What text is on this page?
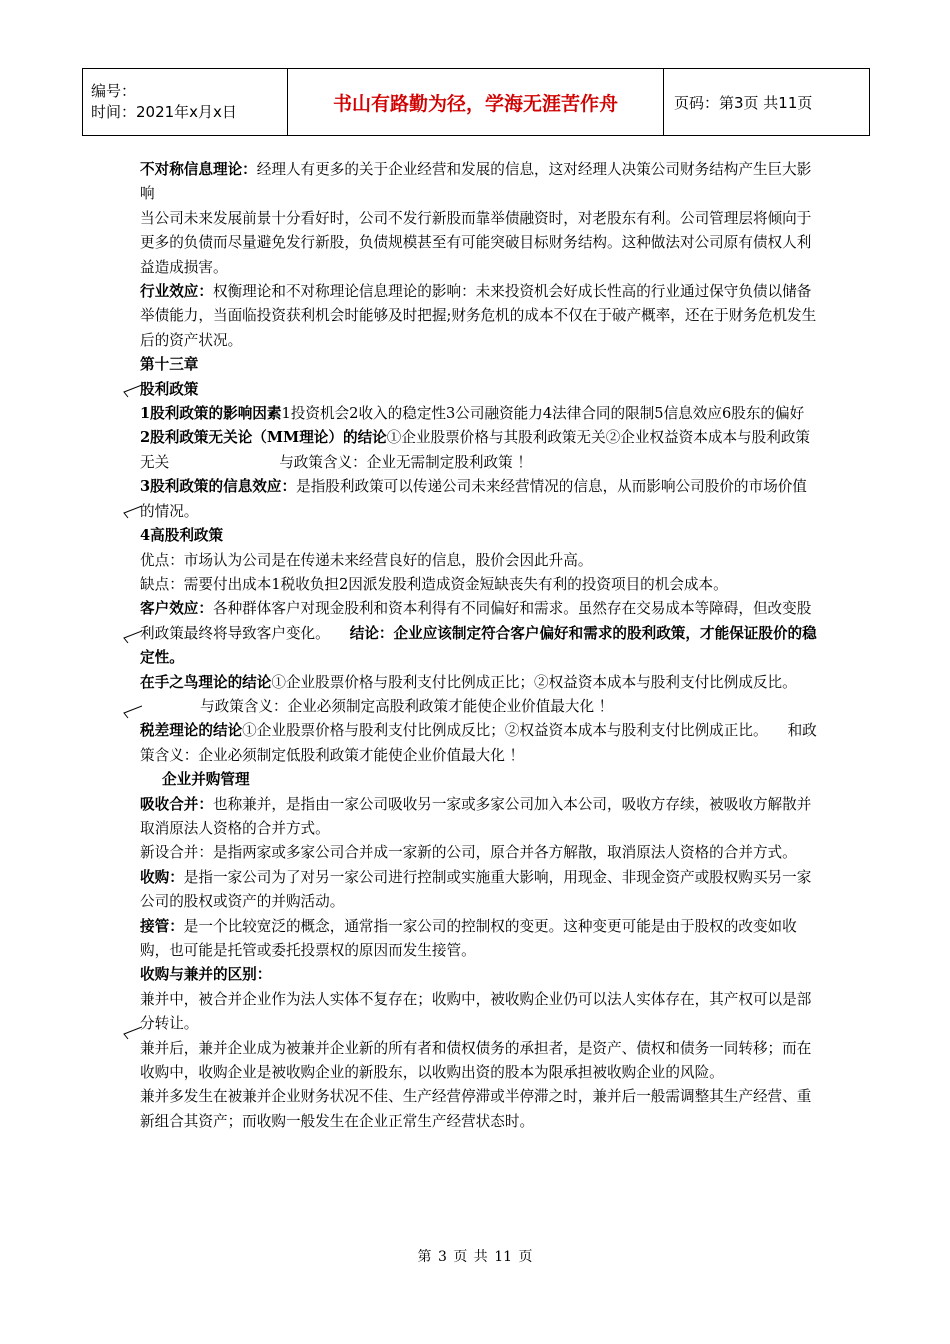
编号：
时间：2021年x月x日	书山有路勤为径，学海无涯苦作舟	页码：第3页 共11页

不对称信息理论：经理人有更多的关于企业经营和发展的信息，这对经理人决策公司财务结构产生巨大影响

当公司未来发展前景十分看好时，公司不发行新股而靠举债融资时，对老股东有利。公司管理层将倾向于更多的负债而尽量避免发行新股，负债规模甚至有可能突破目标财务结构。这种做法对公司原有债权人利益造成损害。

行业效应：权衡理论和不对称理论信息理论的影响：未来投资机会好成长性高的行业通过保守负债以储备举债能力，当面临投资获利机会时能够及时把握;财务危机的成本不仅在于破产概率，还在于财务危机发生后的资产状况。

第十三章

股利政策

1股利政策的影响因素1投资机会2收入的稳定性3公司融资能力4法律合同的限制5信息效应6股东的偏好

2股利政策无关论（MM理论）的结论①企业股票价格与其股利政策无关②企业权益资本成本与股利政策无关	与政策含义：企业无需制定股利政策 ！

3股利政策的信息效应：是指股利政策可以传递公司未来经营情况的信息，从而影响公司股价的市场价值的情况。

4高股利政策

优点：市场认为公司是在传递未来经营良好的信息，股价会因此升高。

缺点：需要付出成本1税收负担2因派发股利造成资金短缺丧失有利的投资项目的机会成本。

客户效应：各种群体客户对现金股利和资本利得有不同偏好和需求。虽然存在交易成本等障碍，但改变股利政策最终将导致客户变化。 结论：企业应该制定符合客户偏好和需求的股利政策，才能保证股价的稳定性。

在手之鸟理论的结论①企业股票价格与股利支付比例成正比；②权益资本成本与股利支付比例成反比。与政策含义：企业必须制定高股利政策才能使企业价值最大化 ！

税差理论的结论①企业股票价格与股利支付比例成反比；②权益资本成本与股利支付比例成正比。 和政策含义：企业必须制定低股利政策才能使企业价值最大化 ！

企业并购管理

吸收合并：也称兼并，是指由一家公司吸收另一家或多家公司加入本公司，吸收方存续，被吸收方解散并取消原法人资格的合并方式。

新设合并：是指两家或多家公司合并成一家新的公司，原合并各方解散，取消原法人资格的合并方式。

收购：是指一家公司为了对另一家公司进行控制或实施重大影响，用现金、非现金资产或股权购买另一家公司的股权或资产的并购活动。

接管：是一个比较宽泛的概念，通常指一家公司的控制权的变更。这种变更可能是由于股权的改变如收购，也可能是托管或委托投票权的原因而发生接管。

收购与兼并的区别：

兼并中，被合并企业作为法人实体不复存在；收购中，被收购企业仍可以法人实体存在，其产权可以是部分转让。

兼并后，兼并企业成为被兼并企业新的所有者和债权债务的承担者，是资产、债权和债务一同转移；而在收购中，收购企业是被收购企业的新股东，以收购出资的股本为限承担被收购企业的风险。

兼并多发生在被兼并企业财务状况不佳、生产经营停滞或半停滞之时，兼并后一般需调整其生产经营、重新组合其资产；而收购一般发生在企业正常生产经营状态时。

第 3 页 共 11 页
